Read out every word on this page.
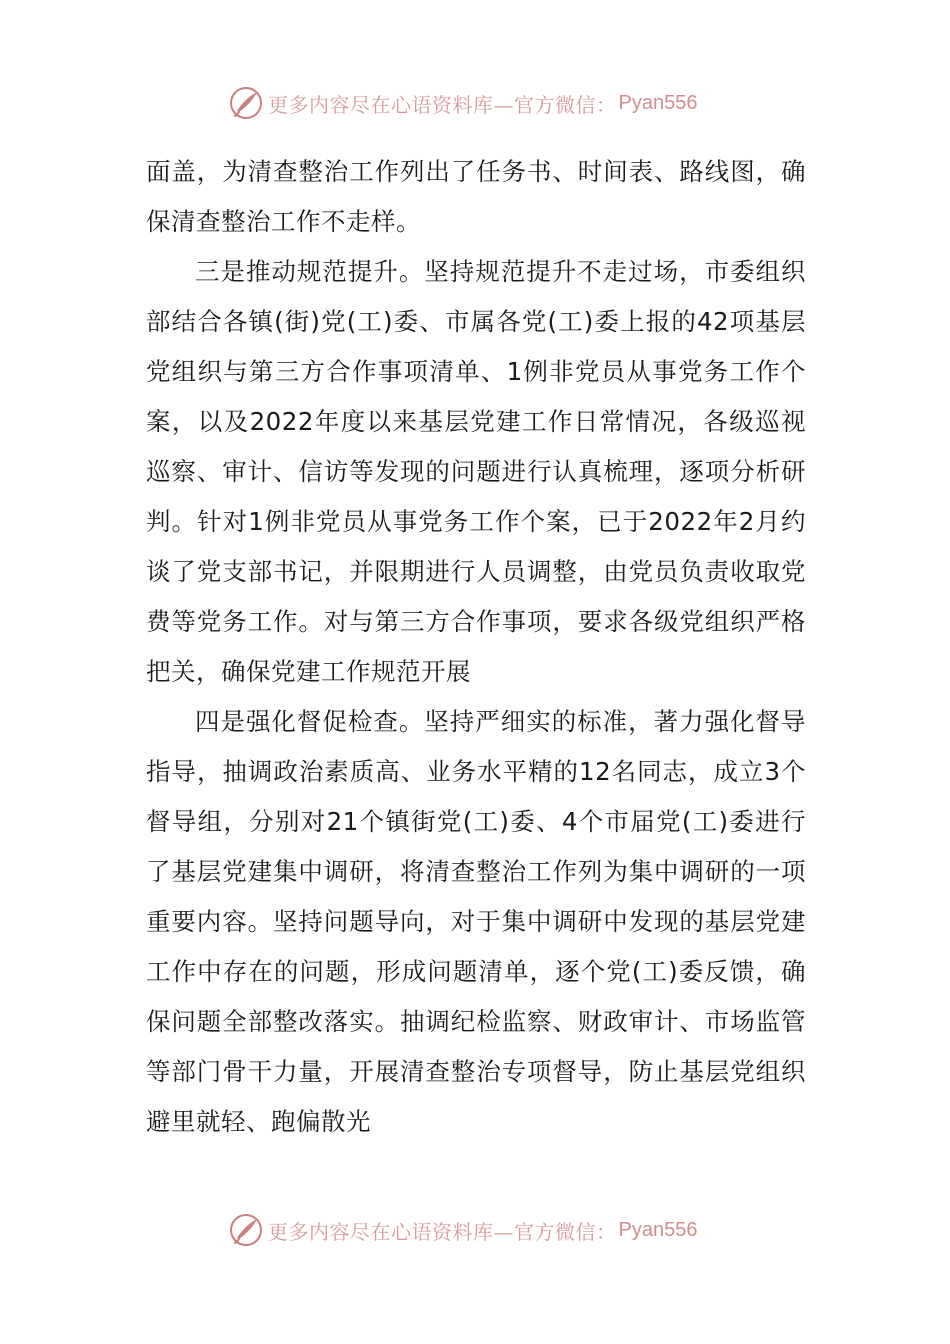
更多内容尽在心语资料库—官方微信： Pyan556

面盖，为清查整治工作列出了任务书、时间表、路线图，确保清查整治工作不走样。

三是推动规范提升。坚持规范提升不走过场，市委组织部结合各镇(街)党(工)委、市属各党(工)委上报的42项基层党组织与第三方合作事项清单、1例非党员从事党务工作个案，以及2022年度以来基层党建工作日常情况，各级巡视巡察、审计、信访等发现的问题进行认真梳理，逐项分析研判。针对1例非党员从事党务工作个案，已于2022年2月约谈了党支部书记，并限期进行人员调整，由党员负责收取党费等党务工作。对与第三方合作事项，要求各级党组织严格把关，确保党建工作规范开展

四是强化督促检查。坚持严细实的标准，著力强化督导指导，抽调政治素质高、业务水平精的12名同志，成立3个督导组，分别对21个镇街党(工)委、4个市届党(工)委进行了基层党建集中调研，将清查整治工作列为集中调研的一项重要内容。坚持问题导向，对于集中调研中发现的基层党建工作中存在的问题，形成问题清单，逐个党(工)委反馈，确保问题全部整改落实。抽调纪检监察、财政审计、市场监管等部门骨干力量，开展清查整治专项督导，防止基层党组织避里就轻、跑偏散光

更多内容尽在心语资料库—官方微信： Pyan556
